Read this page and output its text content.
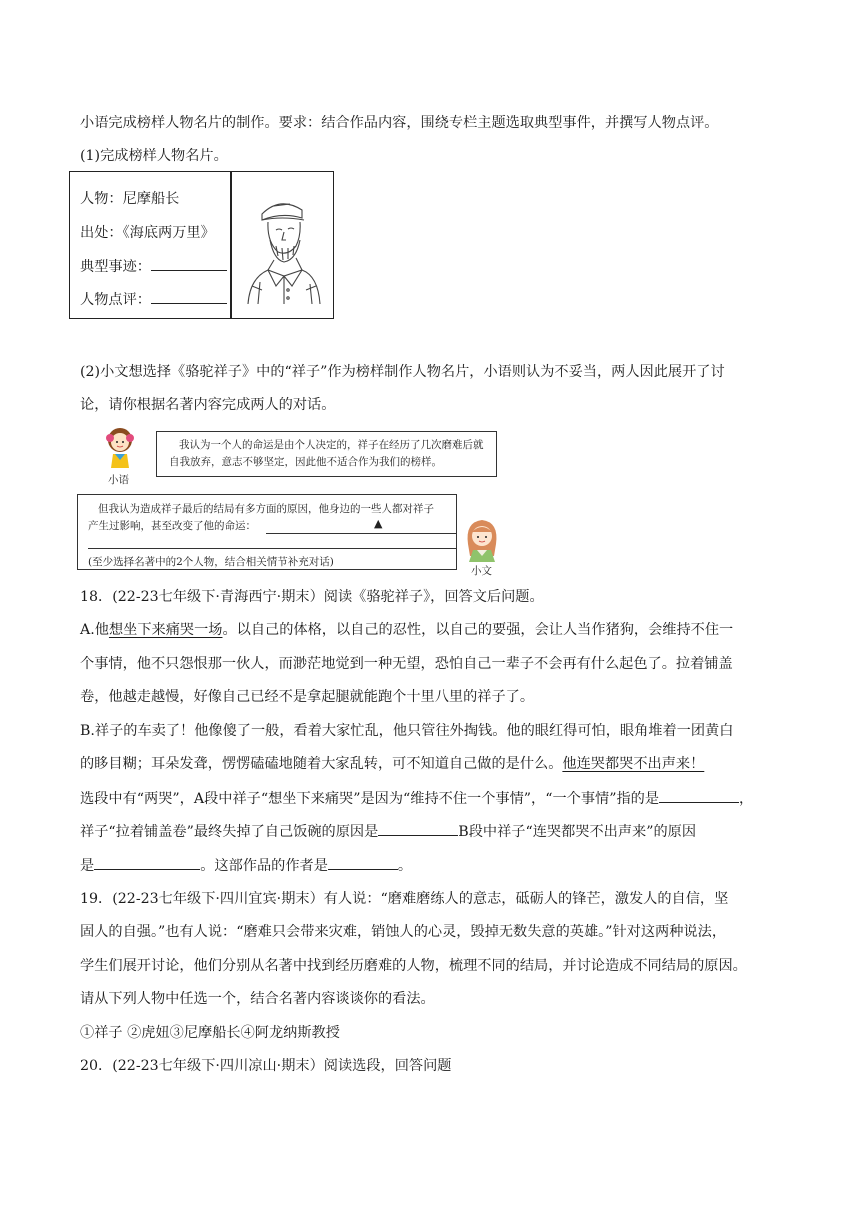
小语完成榜样人物名片的制作。要求：结合作品内容，围绕专栏主题选取典型事件，并撰写人物点评。
(1)完成榜样人物名片。
人物：尼摩船长
出处：《海底两万里》
典型事迹：
人物点评：
(2)小文想选择《骆驼祥子》中的“祥子”作为榜样制作人物名片，小语则认为不妥当，两人因此展开了讨
论，请你根据名著内容完成两人的对话。
小语
我认为一个人的命运是由个人决定的，祥子在经历了几次磨难后就
自我放弃，意志不够坚定，因此他不适合作为我们的榜样。
但我认为造成祥子最后的结局有多方面的原因，他身边的一些人都对祥子
产生过影响，甚至改变了他的命运：	▲
(至少选择名著中的2个人物，结合相关情节补充对话)
小文
18．(22-23七年级下·青海西宁·期末）阅读《骆驼祥子》，回答文后问题。
A.他想坐下来痛哭一场。以自己的体格，以自己的忍性，以自己的要强，会让人当作猪狗，会维持不住一
个事情，他不只怨恨那一伙人，而渺茫地觉到一种无望，恐怕自己一辈子不会再有什么起色了。拉着铺盖
卷，他越走越慢，好像自己已经不是拿起腿就能跑个十里八里的祥子了。
B.祥子的车卖了！他像傻了一般，看着大家忙乱，他只管往外掏钱。他的眼红得可怕，眼角堆着一团黄白
的眵目糊；耳朵发聋，愣愣磕磕地随着大家乱转，可不知道自己做的是什么。他连哭都哭不出声来！
选段中有“两哭”，A段中祥子“想坐下来痛哭”是因为“维持不住一个事情”，“一个事情”指的是	，
祥子“拉着铺盖卷”最终失掉了自己饭碗的原因是	B段中祥子“连哭都哭不出声来”的原因
是	。这部作品的作者是	。
19．(22-23七年级下·四川宜宾·期末）有人说：“磨难磨练人的意志，砥砺人的锋芒，激发人的自信，坚
固人的自强。”也有人说：“磨难只会带来灾难，销蚀人的心灵，毁掉无数失意的英雄。”针对这两种说法，
学生们展开讨论，他们分别从名著中找到经历磨难的人物，梳理不同的结局，并讨论造成不同结局的原因。
请从下列人物中任选一个，结合名著内容谈谈你的看法。
①祥子 ②虎妞③尼摩船长④阿龙纳斯教授
20．(22-23七年级下·四川凉山·期末）阅读选段，回答问题
